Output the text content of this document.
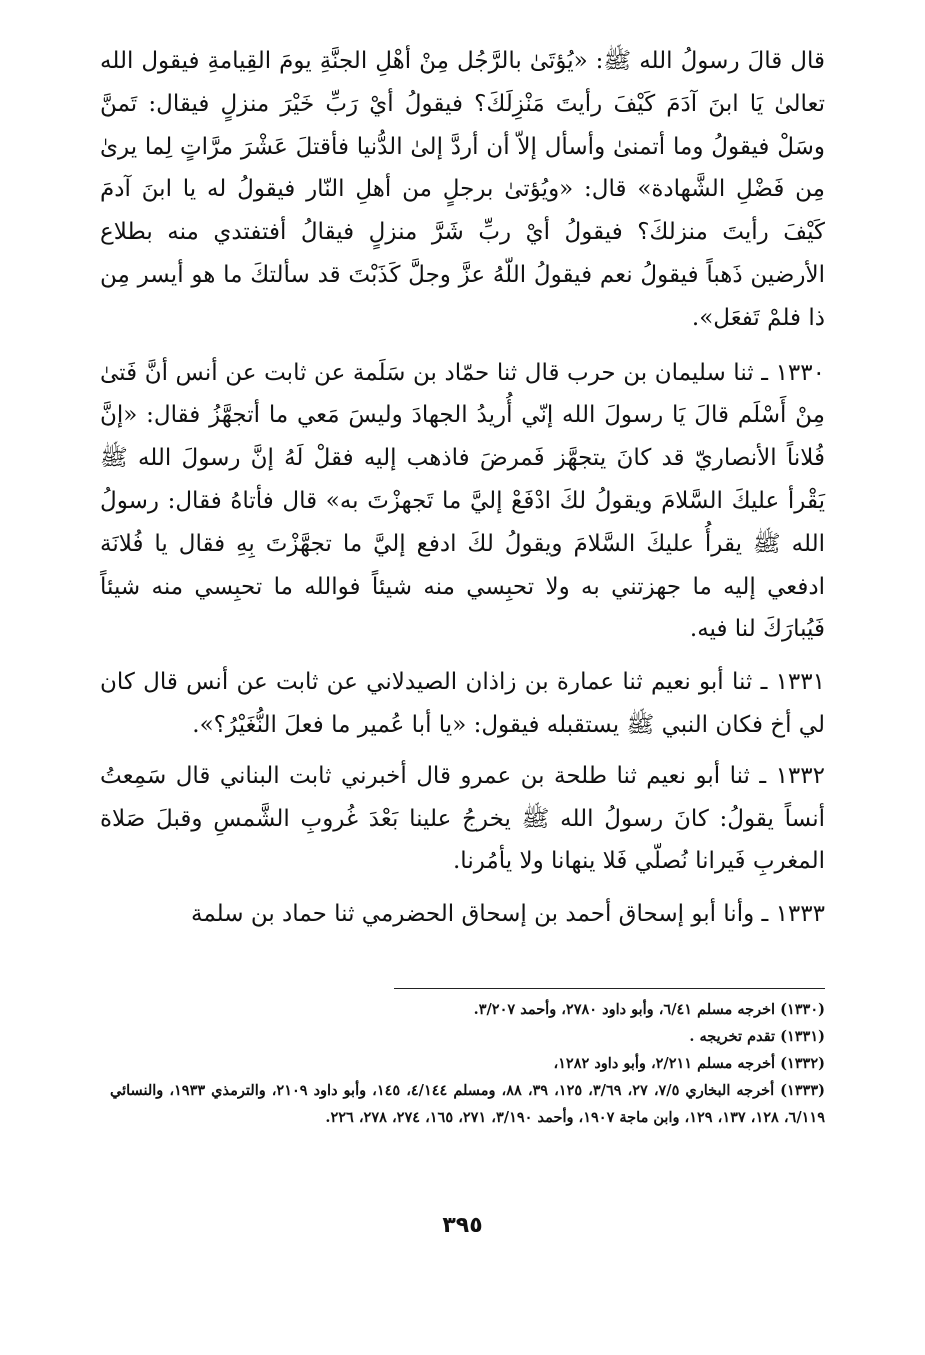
قال قالَ رسولُ الله ﷺ: «يُؤتَىٰ بالرَّجُل مِنْ أهْلِ الجنَّةِ يومَ القِيامةِ فيقول الله تعالىٰ يَا ابنَ آدَمَ كَيْفَ رأيتَ مَنْزِلَكَ؟ فيقولُ أيْ رَبِّ خَيْرَ منزلٍ فيقال: تَمنَّ وسَلْ فيقولُ وما أتمنىٰ وأسأل إلاّ أن أردَّ إلىٰ الدُّنيا فأقتلَ عَشْرَ مرَّاتٍ لِما يرىٰ مِن فَضْلِ الشَّهادة» قال: «ويُؤتىٰ برجلٍ من أهلِ النّار فيقولُ له يا ابنَ آدمَ كَيْفَ رأيتَ منزلكَ؟ فيقولُ أيْ ربِّ شَرَّ منزلٍ فيقالُ أفتفتدي منه بطلاع الأرضين ذَهباً فيقولُ نعم فيقولُ اللّهُ عزَّ وجلَّ كَذَبْتَ قد سألتكَ ما هو أيسر مِن ذا فلمْ تَفعَل».

١٣٣٠ ـ ثنا سليمان بن حرب قال ثنا حمّاد بن سَلَمة عن ثابت عن أنس أنَّ فَتىٰ مِنْ أَسْلَم قالَ يَا رسولَ الله إنّي أُريدُ الجهادَ وليسَ مَعي ما أتجهَّزُ فقال: «إنَّ فُلاناً الأنصاريّ قد كانَ يتجهَّز فَمرضَ فاذهب إليه فقلْ لَهُ إنَّ رسولَ الله ﷺ يَقْرأ عليكَ السَّلامَ ويقولُ لكَ ادْفَعْ إليَّ ما تَجهزْتَ به» قال فأتاهُ فقال: رسولُ الله ﷺ يقرأُ عليكَ السَّلامَ ويقولُ لكَ ادفع إليَّ ما تجهَّزْتَ بِهِ فقال يا فُلانَة ادفعي إليه ما جهزتني به ولا تحبِسي منه شيئاً فوالله ما تحبِسي منه شيئاً فَيُبارَكَ لنا فيه.

١٣٣١ ـ ثنا أبو نعيم ثنا عمارة بن زاذان الصيدلاني عن ثابت عن أنس قال كان لي أخ فكان النبي ﷺ يستقبله فيقول: «يا أبا عُمير ما فعلَ النُّغَيْرُ؟».

١٣٣٢ ـ ثنا أبو نعيم ثنا طلحة بن عمرو قال أخبرني ثابت البناني قال سَمِعتُ أنساً يقولُ: كانَ رسولُ الله ﷺ يخرجُ علينا بَعْدَ غُروبِ الشَّمسِ وقبلَ صَلاة المغربِ فَيرانا نُصلّي فَلا ينهانا ولا يأمُرنا.

١٣٣٣ ـ وأنا أبو إسحاق أحمد بن إسحاق الحضرمي ثنا حماد بن سلمة

(١٣٣٠) اخرجه مسلم ٦/٤١، وأبو داود ٢٧٨٠، وأحمد ٣/٢٠٧.

(١٣٣١) تقدم تخريجه .

(١٣٣٢) أخرجه مسلم ٢/٢١١، وأبو داود ١٢٨٢،

(١٣٣٣) أخرجه البخاري ٧/٥، ٢٧، ٣/٦٩، ١٢٥، ٣٩، ٨٨، ومسلم ٤/١٤٤، ١٤٥، وأبو داود ٢١٠٩، والترمذي ١٩٣٣، والنسائي ٦/١١٩، ١٢٨، ١٣٧، ١٢٩، وابن ماجة ١٩٠٧، وأحمد ٣/١٩٠، ٢٧١، ١٦٥، ٢٧٤، ٢٧٨، ٢٢٦.

٣٩٥
